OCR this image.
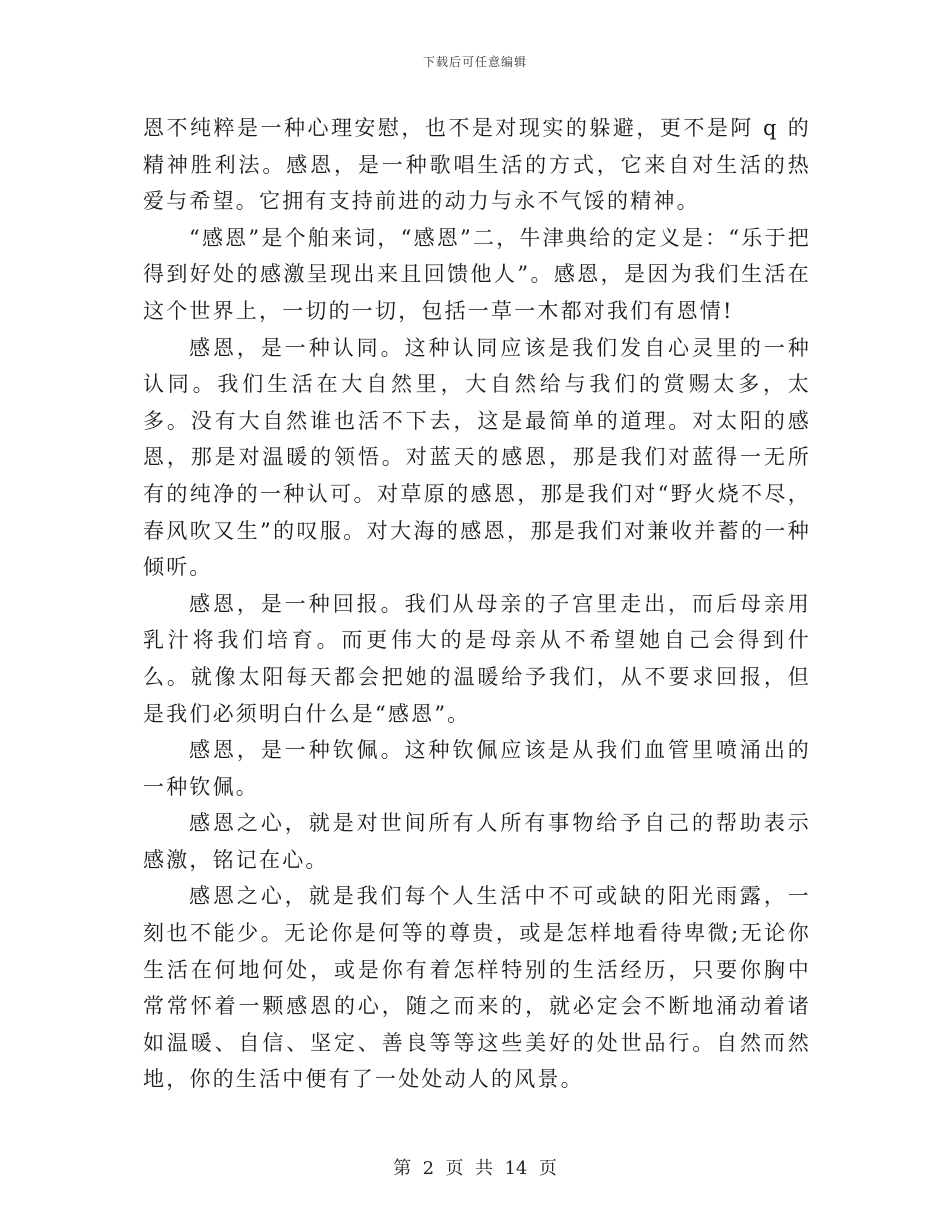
下载后可任意编辑

恩不纯粹是一种心理安慰，也不是对现实的躲避，更不是阿 q 的精神胜利法。感恩，是一种歌唱生活的方式，它来自对生活的热爱与希望。它拥有支持前进的动力与永不气馁的精神。

“感恩”是个舶来词，“感恩”二，牛津典给的定义是：“乐于把得到好处的感激呈现出来且回馈他人”。感恩，是因为我们生活在这个世界上，一切的一切，包括一草一木都对我们有恩情!

感恩，是一种认同。这种认同应该是我们发自心灵里的一种认同。我们生活在大自然里，大自然给与我们的赏赐太多，太多。没有大自然谁也活不下去，这是最简单的道理。对太阳的感恩，那是对温暖的领悟。对蓝天的感恩，那是我们对蓝得一无所有的纯净的一种认可。对草原的感恩，那是我们对“野火烧不尽，春风吹又生”的叹服。对大海的感恩，那是我们对兼收并蓄的一种倾听。

感恩，是一种回报。我们从母亲的子宫里走出，而后母亲用乳汁将我们培育。而更伟大的是母亲从不希望她自己会得到什么。就像太阳每天都会把她的温暖给予我们，从不要求回报，但是我们必须明白什么是“感恩”。

感恩，是一种钦佩。这种钦佩应该是从我们血管里喷涌出的一种钦佩。

感恩之心，就是对世间所有人所有事物给予自己的帮助表示感激，铭记在心。

感恩之心，就是我们每个人生活中不可或缺的阳光雨露，一刻也不能少。无论你是何等的尊贵，或是怎样地看待卑微;无论你生活在何地何处，或是你有着怎样特别的生活经历，只要你胸中常常怀着一颗感恩的心，随之而来的，就必定会不断地涌动着诸如温暖、自信、坚定、善良等等这些美好的处世品行。自然而然地，你的生活中便有了一处处动人的风景。

第 2 页 共 14 页
